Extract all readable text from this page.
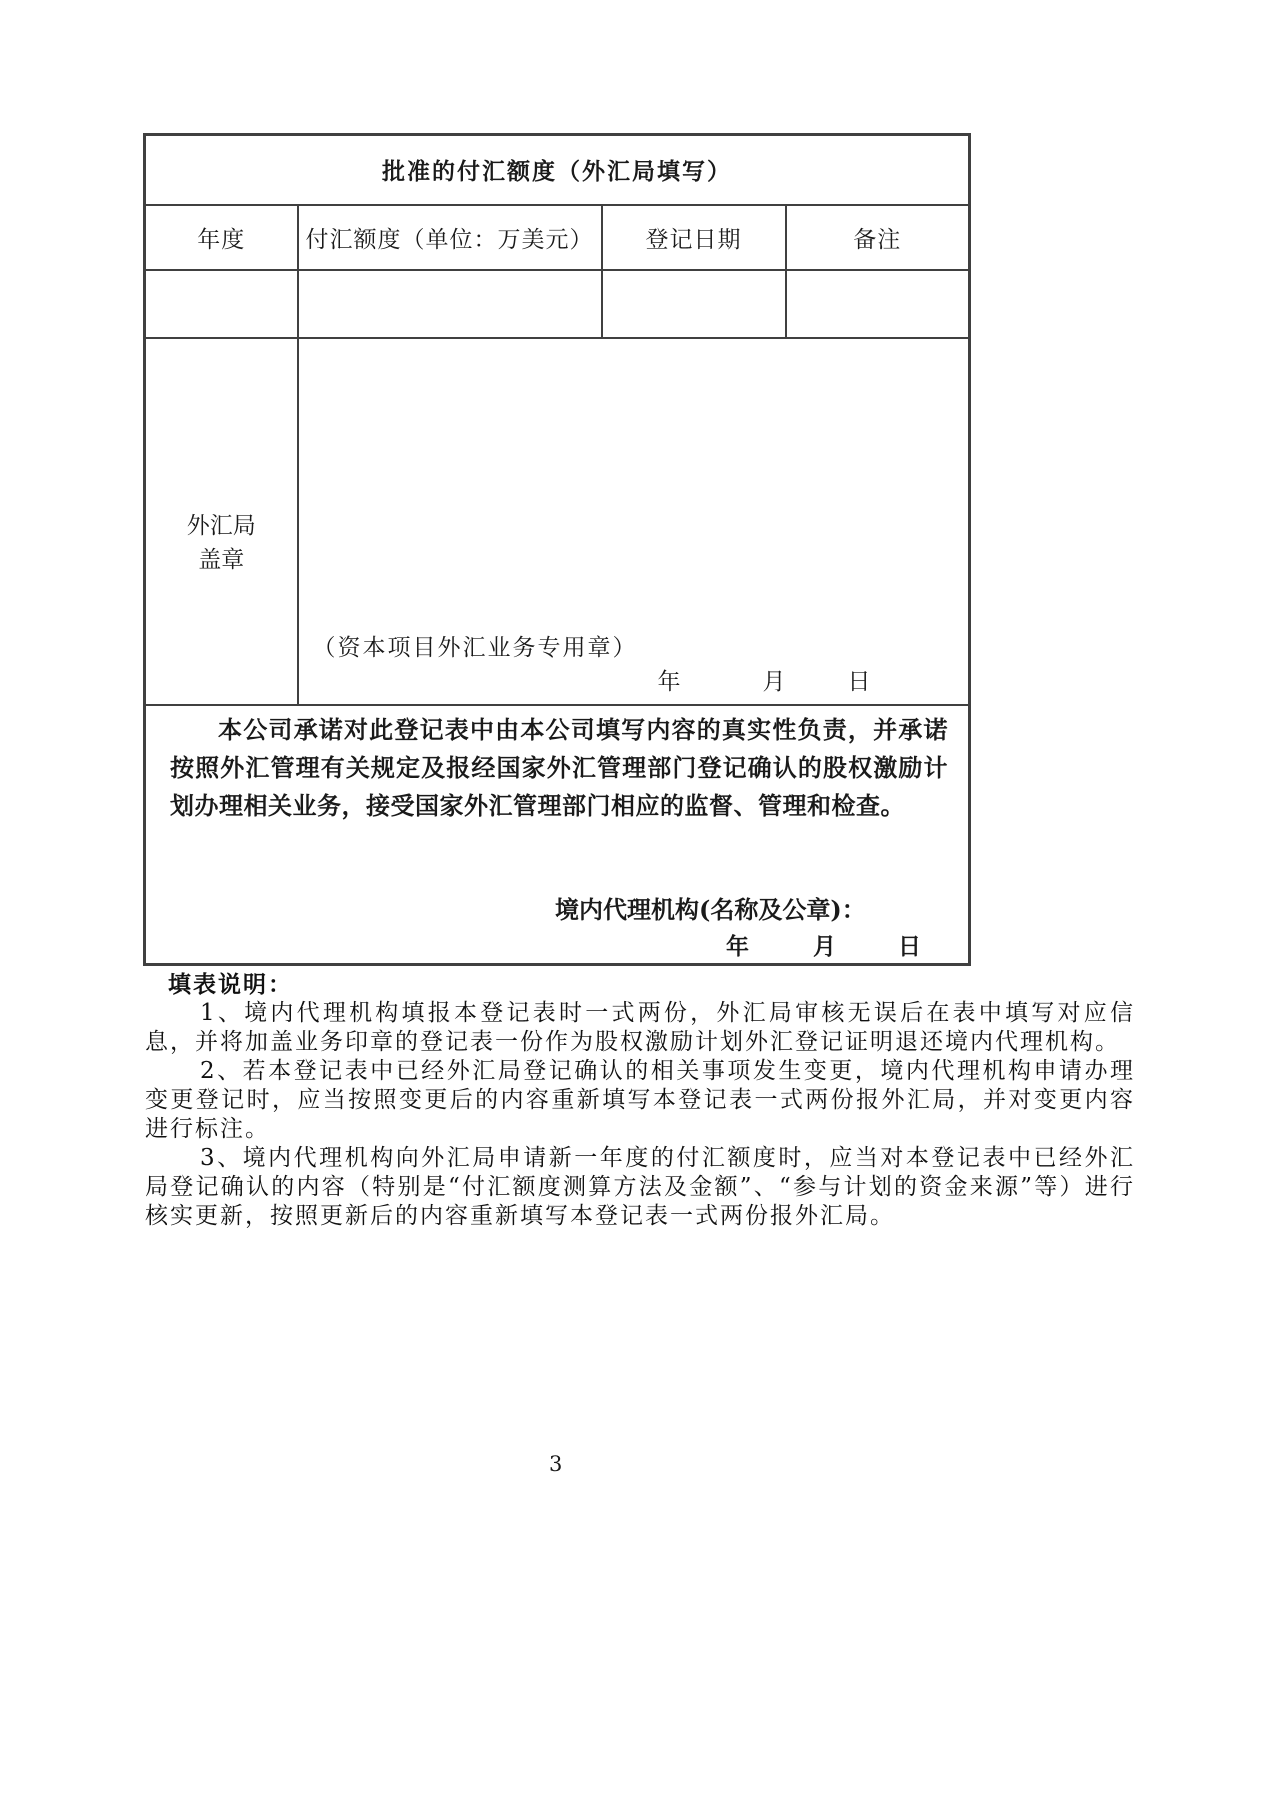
批准的付汇额度（外汇局填写）			
年度	付汇额度（单位：万美元）	登记日期	备注

外汇局
盖章

（资本项目外汇业务专用章）
年	月	日

本公司承诺对此登记表中由本公司填写内容的真实性负责，并承诺按照外汇管理有关规定及报经国家外汇管理部门登记确认的股权激励计划办理相关业务，接受国家外汇管理部门相应的监督、管理和检查。
境内代理机构(名称及公章)：
年 月 日			
填表说明：
1、境内代理机构填报本登记表时一式两份，外汇局审核无误后在表中填写对应信息，并将加盖业务印章的登记表一份作为股权激励计划外汇登记证明退还境内代理机构。
2、若本登记表中已经外汇局登记确认的相关事项发生变更，境内代理机构申请办理变更登记时，应当按照变更后的内容重新填写本登记表一式两份报外汇局，并对变更内容进行标注。
3、境内代理机构向外汇局申请新一年度的付汇额度时，应当对本登记表中已经外汇局登记确认的内容（特别是“付汇额度测算方法及金额”、“参与计划的资金来源”等）进行核实更新，按照更新后的内容重新填写本登记表一式两份报外汇局。
3
